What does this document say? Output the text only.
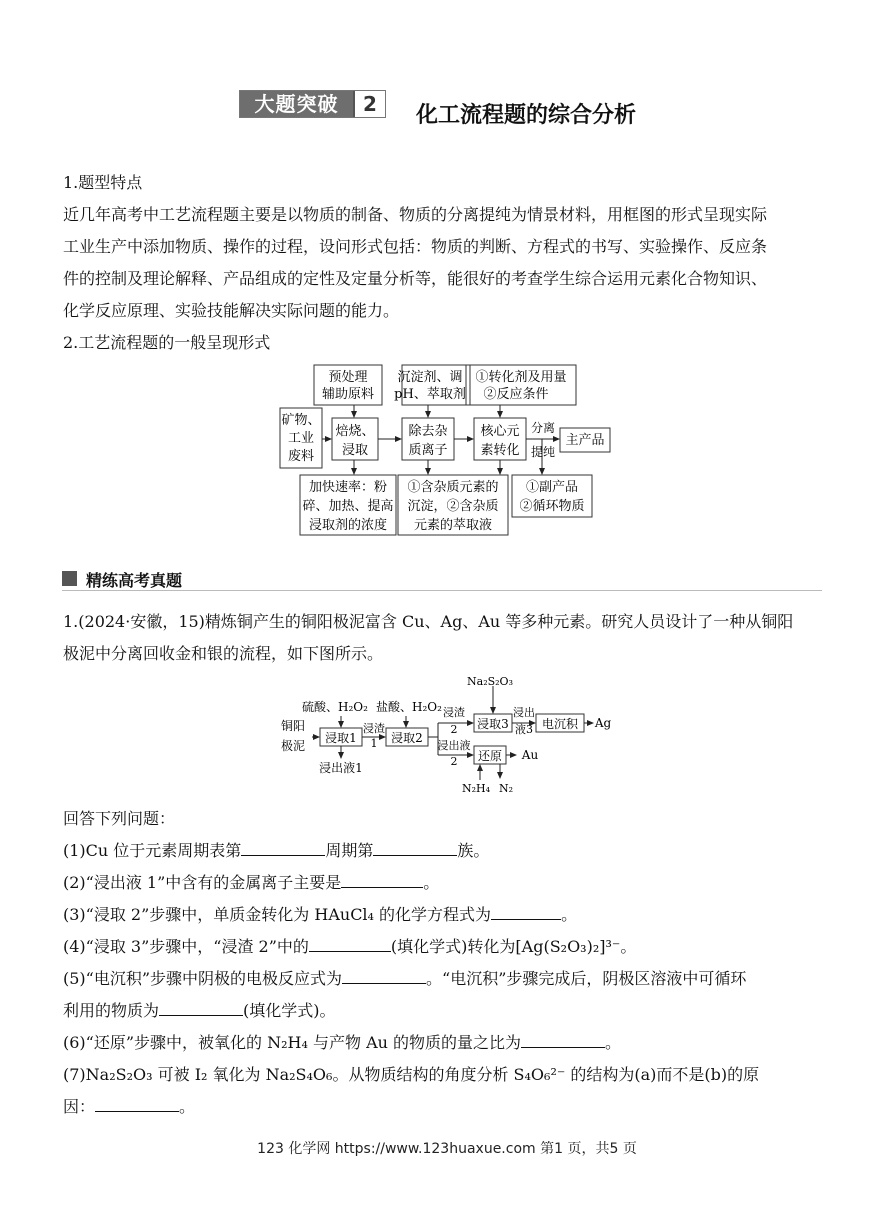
大题突破	2	化工流程题的综合分析
1.题型特点
近几年高考中工艺流程题主要是以物质的制备、物质的分离提纯为情景材料，用框图的形式呈现实际
工业生产中添加物质、操作的过程，设问形式包括：物质的判断、方程式的书写、实验操作、反应条
件的控制及理论解释、产品组成的定性及定量分析等，能很好的考查学生综合运用元素化合物知识、
化学反应原理、实验技能解决实际问题的能力。
2.工艺流程题的一般呈现形式
预处理
辅助原料
沉淀剂、调
pH、萃取剂
①转化剂及用量
②反应条件
矿物、
工业
废料
焙烧、
浸取
除去杂
质离子
核心元
素转化
分离
提纯
主产品
加快速率：粉
碎、加热、提高
浸取剂的浓度
①含杂质元素的
沉淀，②含杂质
元素的萃取液
①副产品
②循环物质
精练高考真题
1.(2024·安徽，15)精炼铜产生的铜阳极泥富含 Cu、Ag、Au 等多种元素。研究人员设计了一种从铜阳
极泥中分离回收金和银的流程，如下图所示。
Na₂S₂O₃
硫酸、H₂O₂ 盐酸、H₂O₂
铜阳
极泥
浸取1	浸取2
浸取3	电沉积
还原
浸渣
1
浸渣
2
浸出液
2
浸出
液3	Ag
Au
浸出液1
N₂H₄ N₂
回答下列问题：
(1)Cu 位于元素周期表第	周期第	族。
(2)“浸出液 1”中含有的金属离子主要是	。
(3)“浸取 2”步骤中，单质金转化为 HAuCl₄ 的化学方程式为	。
(4)“浸取 3”步骤中，“浸渣 2”中的	(填化学式)转化为[Ag(S₂O₃)₂]³⁻。
(5)“电沉积”步骤中阴极的电极反应式为	。“电沉积”步骤完成后，阴极区溶液中可循环
利用的物质为	(填化学式)。
(6)“还原”步骤中，被氧化的 N₂H₄ 与产物 Au 的物质的量之比为	。
(7)Na₂S₂O₃ 可被 I₂ 氧化为 Na₂S₄O₆。从物质结构的角度分析 S₄O₆²⁻ 的结构为(a)而不是(b)的原
因：	。
123 化学网 https://www.123huaxue.com 第1 页，共5 页
